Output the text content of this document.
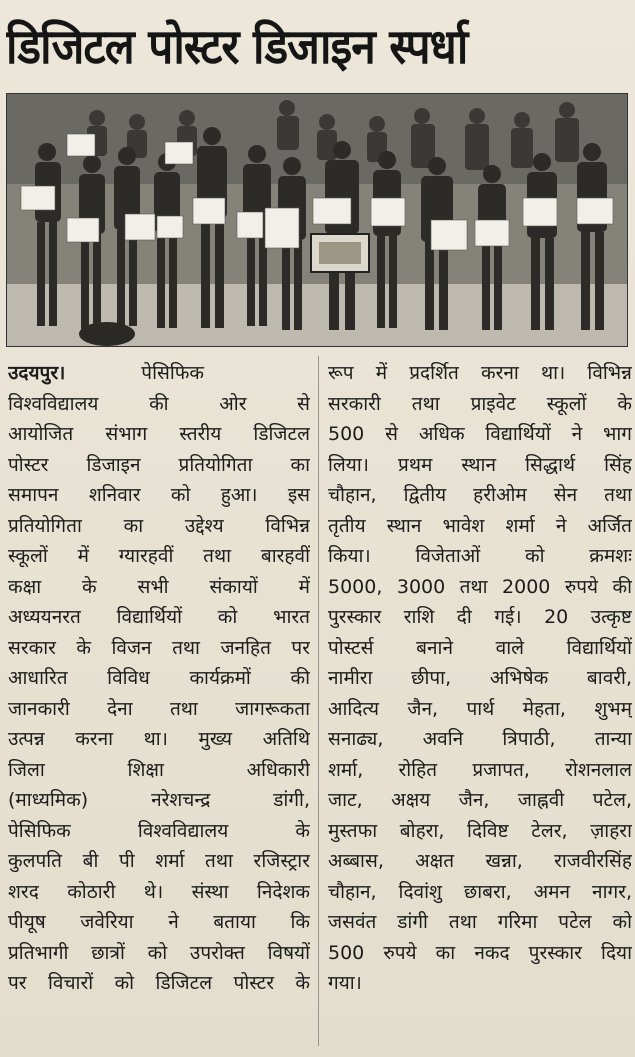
डिजिटल पोस्टर डिजाइन स्पर्धा
उदयपुर।    	पेसिफिक
विश्वविद्यालय की ओर से
आयोजित संभाग स्तरीय डिजिटल
पोस्टर डिजाइन प्रतियोगिता का
समापन शनिवार को हुआ। इस
प्रतियोगिता का उद्देश्य विभिन्न
स्कूलों में ग्यारहवीं तथा बारहवीं
कक्षा के सभी संकायों में
अध्ययनरत विद्यार्थियों को भारत
सरकार के विजन तथा जनहित पर
आधारित विविध कार्यक्रमों की
जानकारी देना तथा जागरूकता
उत्पन्न करना था। मुख्य अतिथि
जिला शिक्षा अधिकारी
(माध्यमिक) नरेशचन्द्र डांगी,
पेसिफिक विश्वविद्यालय के
कुलपति बी पी शर्मा तथा रजिस्ट्रार
शरद कोठारी थे। संस्था निदेशक
पीयूष जवेरिया ने बताया कि
प्रतिभागी छात्रों को उपरोक्त विषयों
पर विचारों को डिजिटल पोस्टर के
रूप में प्रदर्शित करना था। विभिन्न
सरकारी तथा प्राइवेट स्कूलों के
500 से अधिक विद्यार्थियों ने भाग
लिया। प्रथम स्थान सिद्धार्थ सिंह
चौहान, द्वितीय हरीओम सेन तथा
तृतीय स्थान भावेश शर्मा ने अर्जित
किया। विजेताओं को क्रमशः
5000, 3000 तथा 2000 रुपये की
पुरस्कार राशि दी गई। 20 उत्कृष्ट
पोस्टर्स बनाने वाले विद्यार्थियों
नामीरा छीपा, अभिषेक बावरी,
आदित्य जैन, पार्थ मेहता, शुभम्
सनाढ्य, अवनि त्रिपाठी, तान्या
शर्मा, रोहित प्रजापत, रोशनलाल
जाट, अक्षय जैन, जाह्नवी पटेल,
मुस्तफा बोहरा, दिविष्ट टेलर, ज़ाहरा
अब्बास, अक्षत खन्ना, राजवीरसिंह
चौहान, दिवांशु छाबरा, अमन नागर,
जसवंत डांगी तथा गरिमा पटेल को
500 रुपये का नकद पुरस्कार दिया
गया।
